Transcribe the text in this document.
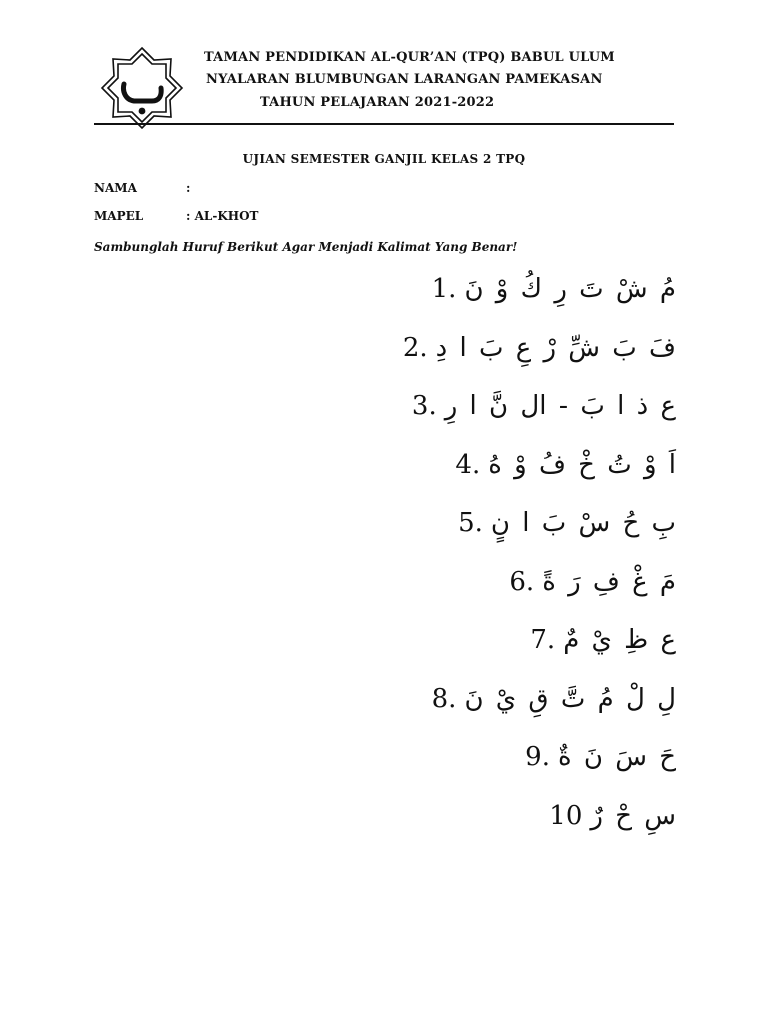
TAMAN PENDIDIKAN AL-QUR’AN (TPQ) BABUL ULUM
NYALARAN BLUMBUNGAN LARANGAN PAMEKASAN
TAHUN PELAJARAN 2021-2022
UJIAN SEMESTER GANJIL KELAS 2 TPQ
NAMA	:
MAPEL	: AL-KHOT
Sambunglah Huruf Berikut Agar Menjadi Kalimat Yang Benar!
1. مُ شْ تَ رِ كُ وْ نَ
2. فَ بَ شِّ رْ عِ بَ ا دِ
3. ع ذ ا بَ - ال نَّ ا رِ
4. اَ وْ تُ خْ فُ وْ هُ
5. بِ حُ سْ بَ ا نٍ
6. مَ غْ فِ رَ ةً
7. ع ظِ يْ مٌ
8. لِ لْ مُ تَّ قِ يْ نَ
9. حَ سَ نَ ةٌ
10 سِ حْ رٌ
